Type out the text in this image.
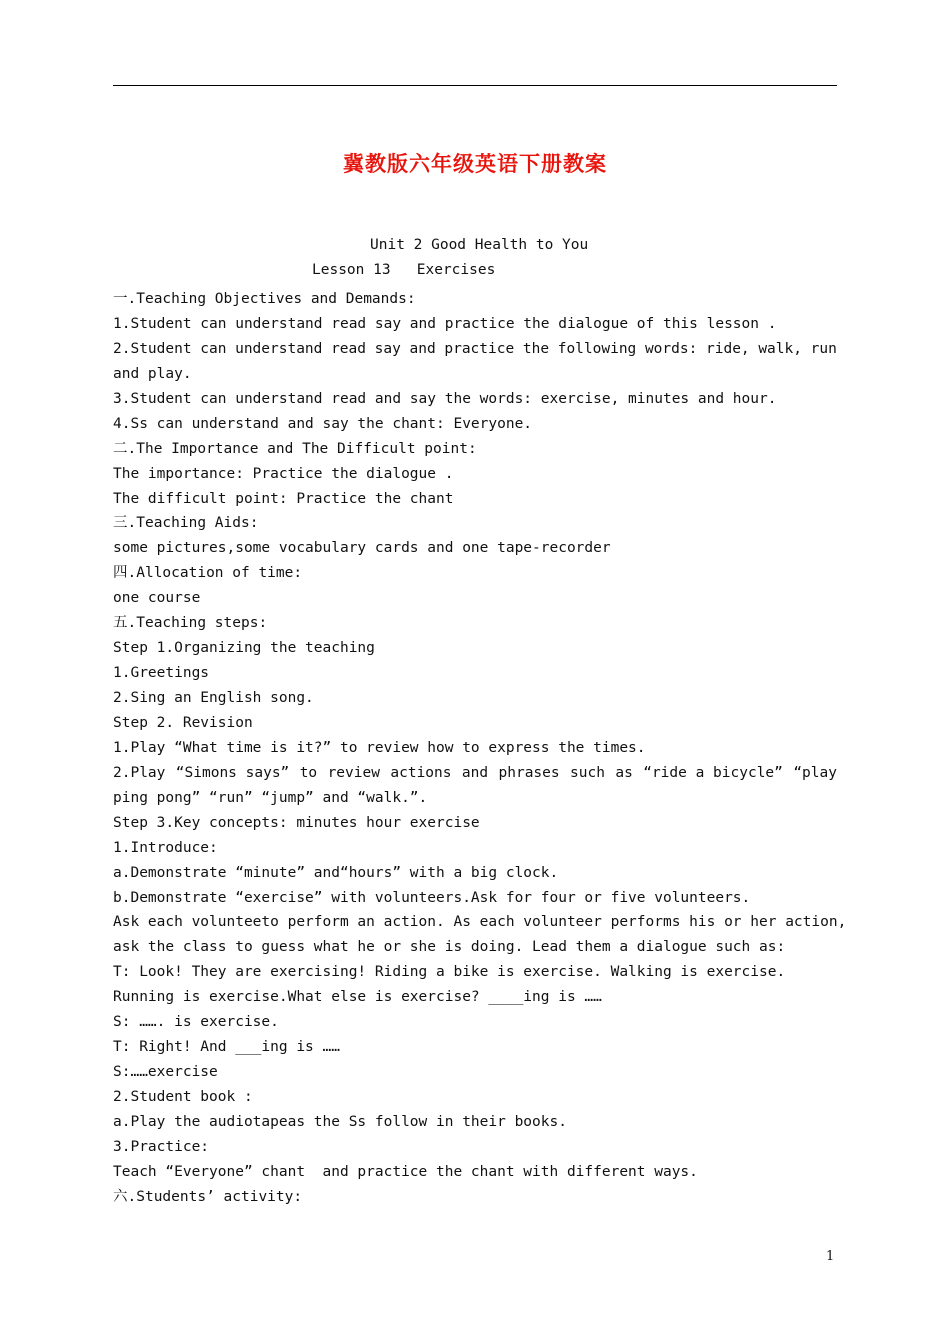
冀教版六年级英语下册教案
Unit 2 Good Health to You
Lesson 13   Exercises
一.Teaching Objectives and Demands:
1.Student can understand read say and practice the dialogue of this lesson .
2.Student can understand read say and practice the following words: ride, walk, run
and play.
3.Student can understand read and say the words: exercise, minutes and hour.
4.Ss can understand and say the chant: Everyone.
二.The Importance and The Difficult point:
The importance: Practice the dialogue .
The difficult point: Practice the chant
三.Teaching Aids:
some pictures,some vocabulary cards and one tape-recorder
四.Allocation of time:
one course
五.Teaching steps:
Step 1.Organizing the teaching
1.Greetings
2.Sing an English song.
Step 2. Revision
1.Play “What time is it?” to review how to express the times.
2.Play “Simons says” to review actions and phrases such as “ride a bicycle” “play
ping pong” “run” “jump” and “walk.”.
Step 3.Key concepts: minutes hour exercise
1.Introduce:
a.Demonstrate “minute” and“hours” with a big clock.
b.Demonstrate “exercise” with volunteers.Ask for four or five volunteers.
Ask each volunteeto perform an action. As each volunteer performs his or her action,
ask the class to guess what he or she is doing. Lead them a dialogue such as:
T: Look! They are exercising! Riding a bike is exercise. Walking is exercise.
Running is exercise.What else is exercise? ____ing is ……
S: ……. is exercise.
T: Right! And ___ing is ……
S:……exercise
2.Student book :
a.Play the audiotapeas the Ss follow in their books.
3.Practice:
Teach “Everyone” chant  and practice the chant with different ways.
六.Students’ activity:
1
